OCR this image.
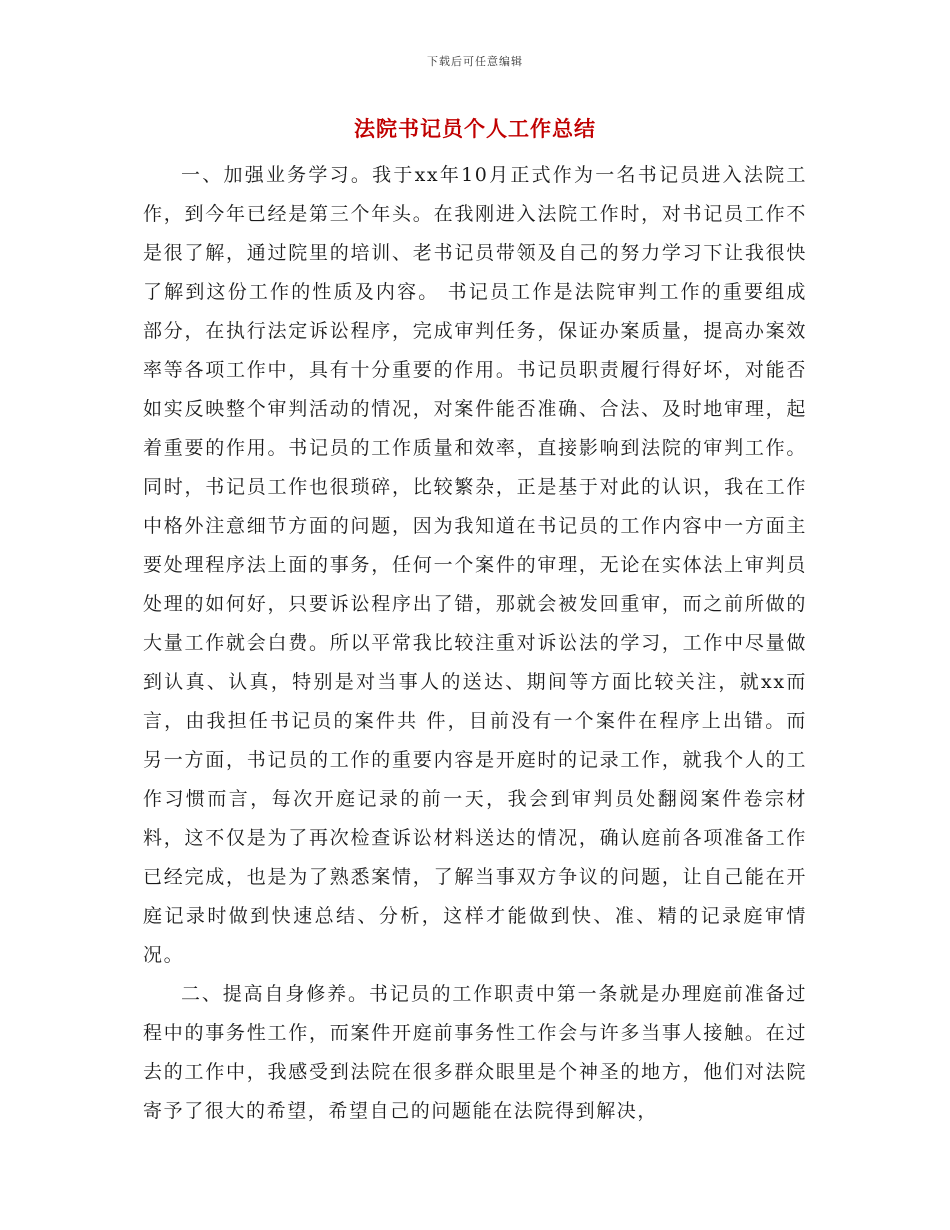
下载后可任意编辑
法院书记员个人工作总结

一、加强业务学习。我于xx年10月正式作为一名书记员进入法院工作，到今年已经是第三个年头。在我刚进入法院工作时，对书记员工作不是很了解，通过院里的培训、老书记员带领及自己的努力学习下让我很快了解到这份工作的性质及内容。 书记员工作是法院审判工作的重要组成部分，在执行法定诉讼程序，完成审判任务，保证办案质量，提高办案效率等各项工作中，具有十分重要的作用。书记员职责履行得好坏，对能否如实反映整个审判活动的情况，对案件能否准确、合法、及时地审理，起着重要的作用。书记员的工作质量和效率，直接影响到法院的审判工作。同时，书记员工作也很琐碎，比较繁杂，正是基于对此的认识，我在工作中格外注意细节方面的问题，因为我知道在书记员的工作内容中一方面主要处理程序法上面的事务，任何一个案件的审理，无论在实体法上审判员处理的如何好，只要诉讼程序出了错，那就会被发回重审，而之前所做的大量工作就会白费。所以平常我比较注重对诉讼法的学习，工作中尽量做到认真、认真，特别是对当事人的送达、期间等方面比较关注，就xx而言，由我担任书记员的案件共 件，目前没有一个案件在程序上出错。而另一方面，书记员的工作的重要内容是开庭时的记录工作，就我个人的工作习惯而言，每次开庭记录的前一天，我会到审判员处翻阅案件卷宗材料，这不仅是为了再次检查诉讼材料送达的情况，确认庭前各项准备工作已经完成，也是为了熟悉案情，了解当事双方争议的问题，让自己能在开庭记录时做到快速总结、分析，这样才能做到快、准、精的记录庭审情况。

二、提高自身修养。书记员的工作职责中第一条就是办理庭前准备过程中的事务性工作，而案件开庭前事务性工作会与许多当事人接触。在过去的工作中，我感受到法院在很多群众眼里是个神圣的地方，他们对法院寄予了很大的希望，希望自己的问题能在法院得到解决，
